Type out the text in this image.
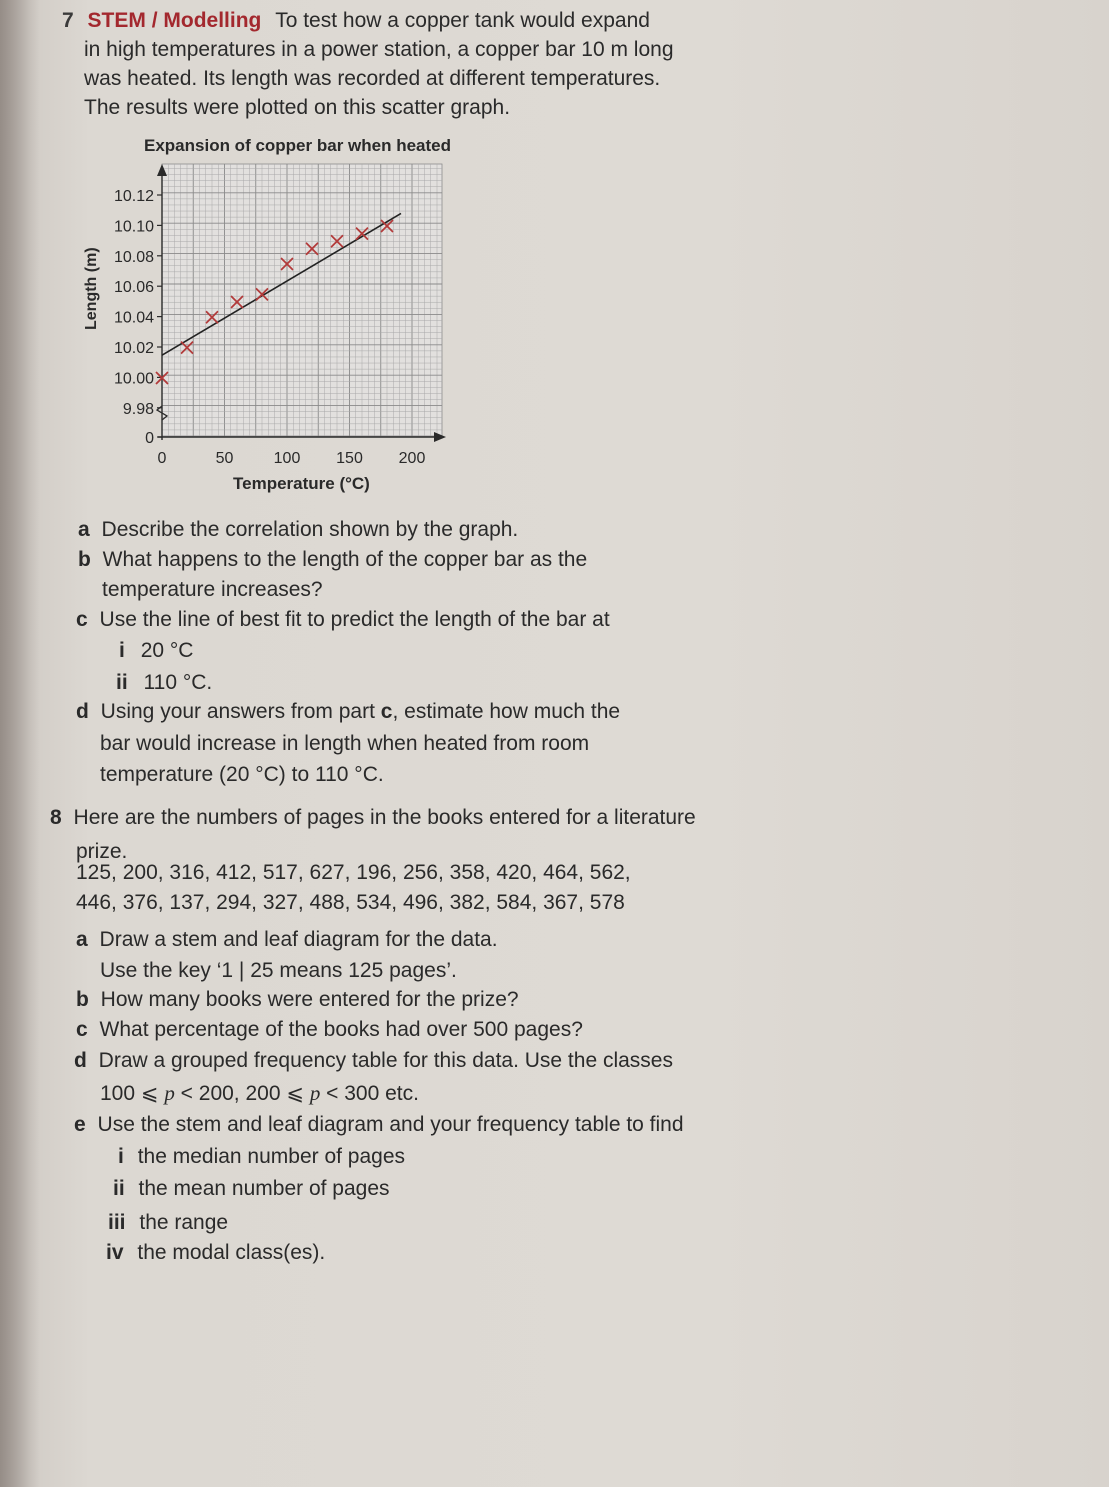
7 STEM / Modelling To test how a copper tank would expand
in high temperatures in a power station, a copper bar 10 m long
was heated. Its length was recorded at different temperatures.
The results were plotted on this scatter graph.
Expansion of copper bar when heated
10.12
10.10
10.08
10.06
10.04
10.02
10.00
9.98
0
0	50	100 150 200
Temperature (°C)
Length (m)
a Describe the correlation shown by the graph.
b What happens to the length of the copper bar as the
temperature increases?
c Use the line of best fit to predict the length of the bar at
i 20 °C
ii 110 °C.
d Using your answers from part c, estimate how much the
bar would increase in length when heated from room
temperature (20 °C) to 110 °C.
8 Here are the numbers of pages in the books entered for a literature
prize.
125, 200, 316, 412, 517, 627, 196, 256, 358, 420, 464, 562,
446, 376, 137, 294, 327, 488, 534, 496, 382, 584, 367, 578
a Draw a stem and leaf diagram for the data.
Use the key ‘1 | 25 means 125 pages’.
b How many books were entered for the prize?
c What percentage of the books had over 500 pages?
d Draw a grouped frequency table for this data. Use the classes
100 ⩽ p < 200, 200 ⩽ p < 300 etc.
e Use the stem and leaf diagram and your frequency table to find
i the median number of pages
ii the mean number of pages
iii the range
iv the modal class(es).
